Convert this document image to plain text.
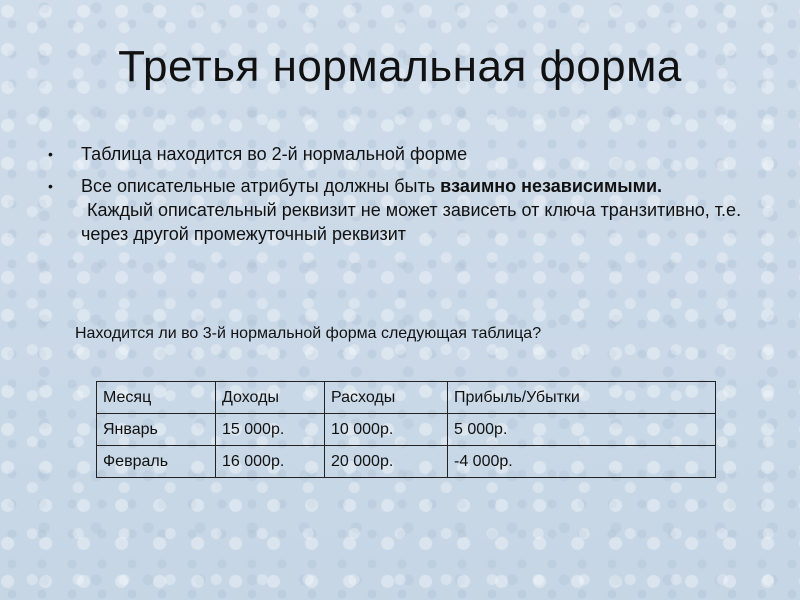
Третья нормальная форма
• Таблица находится во 2-й нормальной форме
• Все описательные атрибуты должны быть взаимно независимыми.
Каждый описательный реквизит не может зависеть от ключа транзитивно, т.е. через другой промежуточный реквизит

Находится ли во 3-й нормальной форма следующая таблица?

Месяц	Доходы	Расходы	Прибыль/Убытки
Январь	15 000р.	10 000р.	5 000р.
Февраль	16 000р.	20 000р.	-4 000р.
